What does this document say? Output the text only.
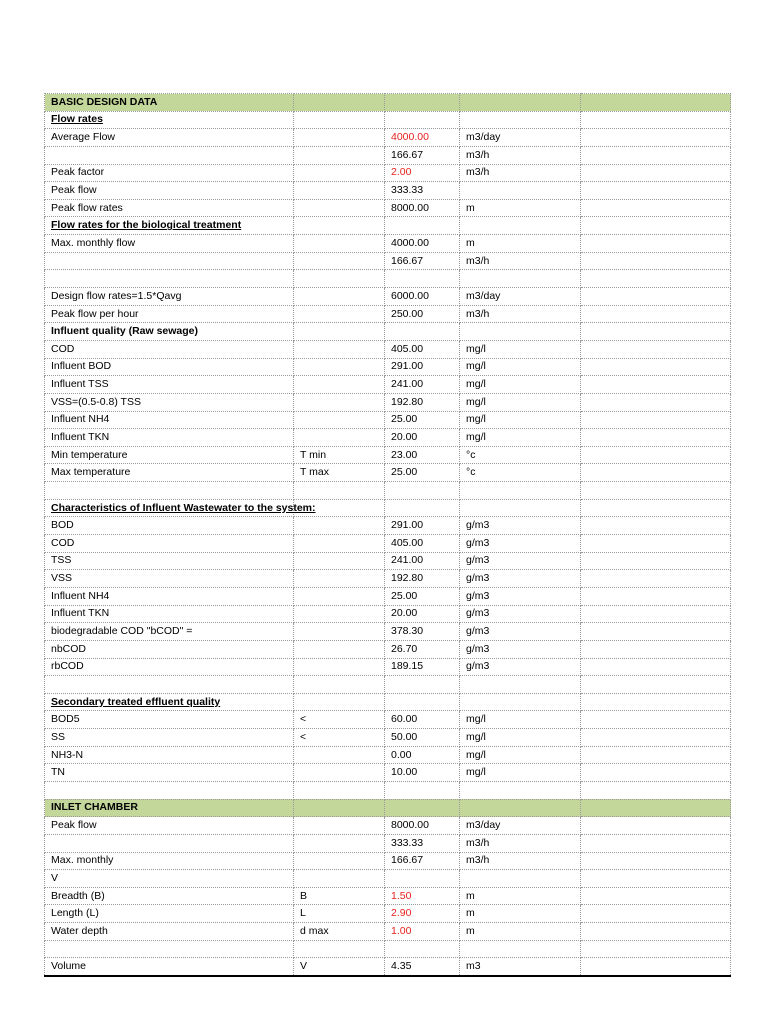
BASIC DESIGN DATA				
Flow rates				
Average Flow		4000.00	m3/day	
		166.67	m3/h	
Peak factor		2.00	m3/h	
Peak flow		333.33		
Peak flow rates		8000.00	m	
Flow rates for the biological treatment				
Max. monthly flow		4000.00	m	
		166.67	m3/h	

Design flow rates=1.5*Qavg		6000.00	m3/day	
Peak flow per hour		250.00	m3/h	
Influent quality (Raw sewage)				
COD		405.00	mg/l	
Influent BOD		291.00	mg/l	
Influent TSS		241.00	mg/l	
VSS=(0.5-0.8) TSS		192.80	mg/l	
Influent NH4		25.00	mg/l	
Influent TKN		20.00	mg/l	
Min temperature	T min	23.00	°c	
Max temperature	T max	25.00	°c	

Characteristics of Influent Wastewater to the system:				
BOD		291.00	g/m3	
COD		405.00	g/m3	
TSS		241.00	g/m3	
VSS		192.80	g/m3	
Influent NH4		25.00	g/m3	
Influent TKN		20.00	g/m3	
biodegradable COD "bCOD" =		378.30	g/m3	
nbCOD		26.70	g/m3	
rbCOD		189.15	g/m3	

Secondary treated effluent quality				
BOD5	<	60.00	mg/l	
SS	<	50.00	mg/l	
NH3-N		0.00	mg/l	
TN		10.00	mg/l	

INLET CHAMBER				
Peak flow		8000.00	m3/day	
		333.33	m3/h	
Max. monthly		166.67	m3/h	
V				
Breadth (B)	B	1.50	m	
Length (L)	L	2.90	m	
Water depth	d max	1.00	m	

Volume	V	4.35	m3	
